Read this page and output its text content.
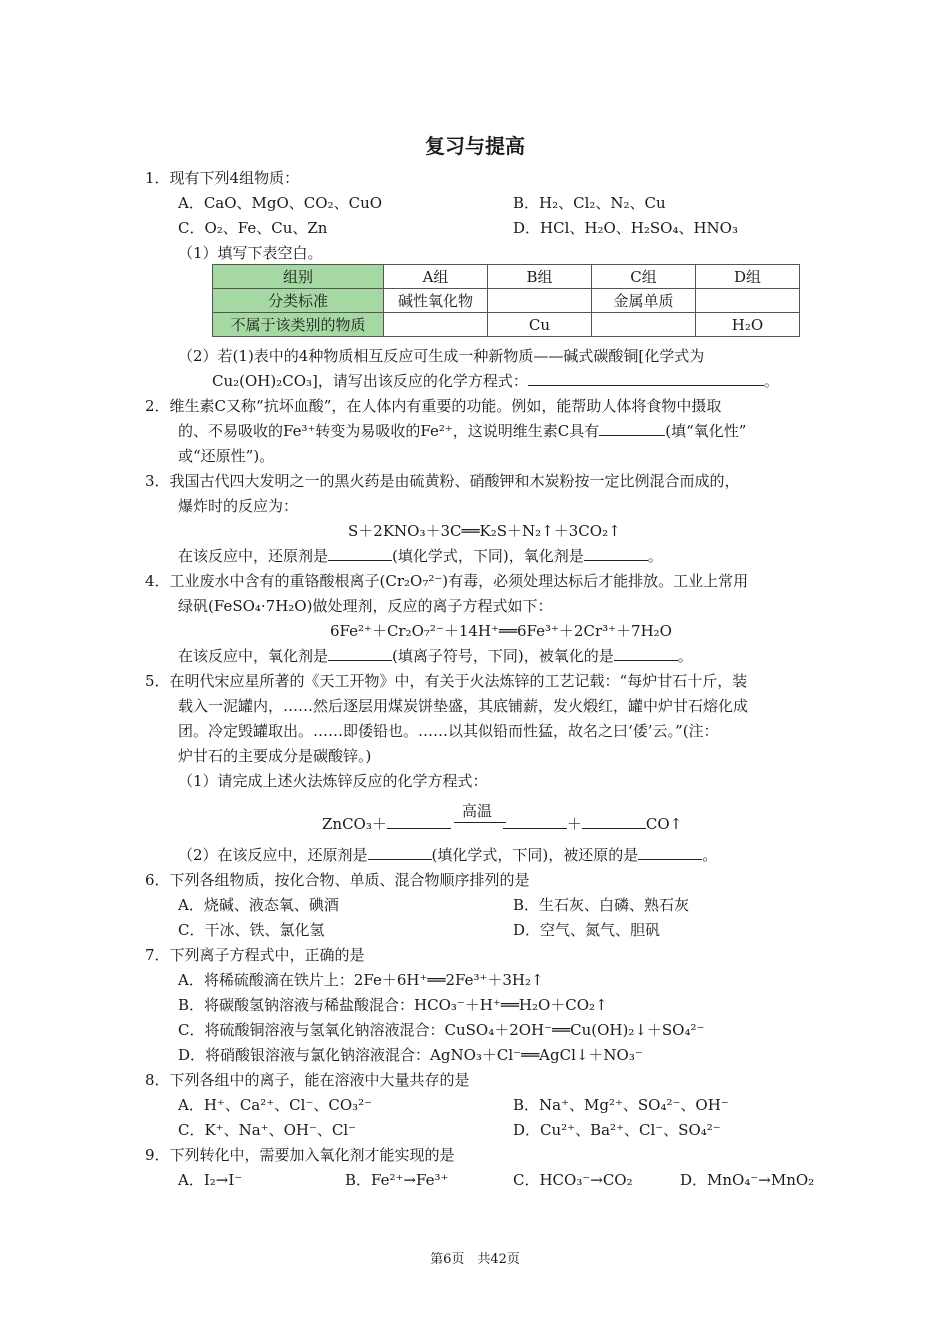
复习与提高
1．现有下列4组物质：
A．CaO、MgO、CO₂、CuO	B．H₂、Cl₂、N₂、Cu
C．O₂、Fe、Cu、Zn	D．HCl、H₂O、H₂SO₄、HNO₃
（1）填写下表空白。
组别	A组	B组	C组	D组
分类标准	碱性氧化物		金属单质	
不属于该类别的物质		Cu		H₂O
（2）若(1)表中的4种物质相互反应可生成一种新物质——碱式碳酸铜[化学式为
Cu₂(OH)₂CO₃]，请写出该反应的化学方程式：	。
2．维生素C又称“抗坏血酸”，在人体内有重要的功能。例如，能帮助人体将食物中摄取
的、不易吸收的Fe³⁺转变为易吸收的Fe²⁺，这说明维生素C具有	(填“氧化性”
或“还原性”)。
3．我国古代四大发明之一的黑火药是由硫黄粉、硝酸钾和木炭粉按一定比例混合而成的，
爆炸时的反应为：
S＋2KNO₃＋3C══K₂S＋N₂↑＋3CO₂↑
在该反应中，还原剂是	(填化学式，下同)，氧化剂是	。
4．工业废水中含有的重铬酸根离子(Cr₂O₇²⁻)有毒，必须处理达标后才能排放。工业上常用
绿矾(FeSO₄·7H₂O)做处理剂，反应的离子方程式如下：
6Fe²⁺＋Cr₂O₇²⁻＋14H⁺══6Fe³⁺＋2Cr³⁺＋7H₂O
在该反应中，氧化剂是	(填离子符号，下同)，被氧化的是	。
5．在明代宋应星所著的《天工开物》中，有关于火法炼锌的工艺记载：“每炉甘石十斤，装
载入一泥罐内，……然后逐层用煤炭饼垫盛，其底铺薪，发火煅红，罐中炉甘石熔化成
团。冷定毁罐取出。……即倭铅也。……以其似铅而性猛，故名之曰‘倭’云。”(注：
炉甘石的主要成分是碳酸锌。)
（1）请完成上述火法炼锌反应的化学方程式：
高温
ZnCO₃＋	＋	CO↑
（2）在该反应中，还原剂是	(填化学式，下同)，被还原的是	。
6．下列各组物质，按化合物、单质、混合物顺序排列的是
A．烧碱、液态氧、碘酒	B．生石灰、白磷、熟石灰
C．干冰、铁、氯化氢	D．空气、氮气、胆矾
7．下列离子方程式中，正确的是
A．将稀硫酸滴在铁片上：2Fe＋6H⁺══2Fe³⁺＋3H₂↑
B．将碳酸氢钠溶液与稀盐酸混合：HCO₃⁻＋H⁺══H₂O＋CO₂↑
C．将硫酸铜溶液与氢氧化钠溶液混合：CuSO₄＋2OH⁻══Cu(OH)₂↓＋SO₄²⁻
D．将硝酸银溶液与氯化钠溶液混合：AgNO₃＋Cl⁻══AgCl↓＋NO₃⁻
8．下列各组中的离子，能在溶液中大量共存的是
A．H⁺、Ca²⁺、Cl⁻、CO₃²⁻	B．Na⁺、Mg²⁺、SO₄²⁻、OH⁻
C．K⁺、Na⁺、OH⁻、Cl⁻	D．Cu²⁺、Ba²⁺、Cl⁻、SO₄²⁻
9．下列转化中，需要加入氧化剂才能实现的是
A．I₂→I⁻	B．Fe²⁺→Fe³⁺	C．HCO₃⁻→CO₂	D．MnO₄⁻→MnO₂
第6页　共42页
